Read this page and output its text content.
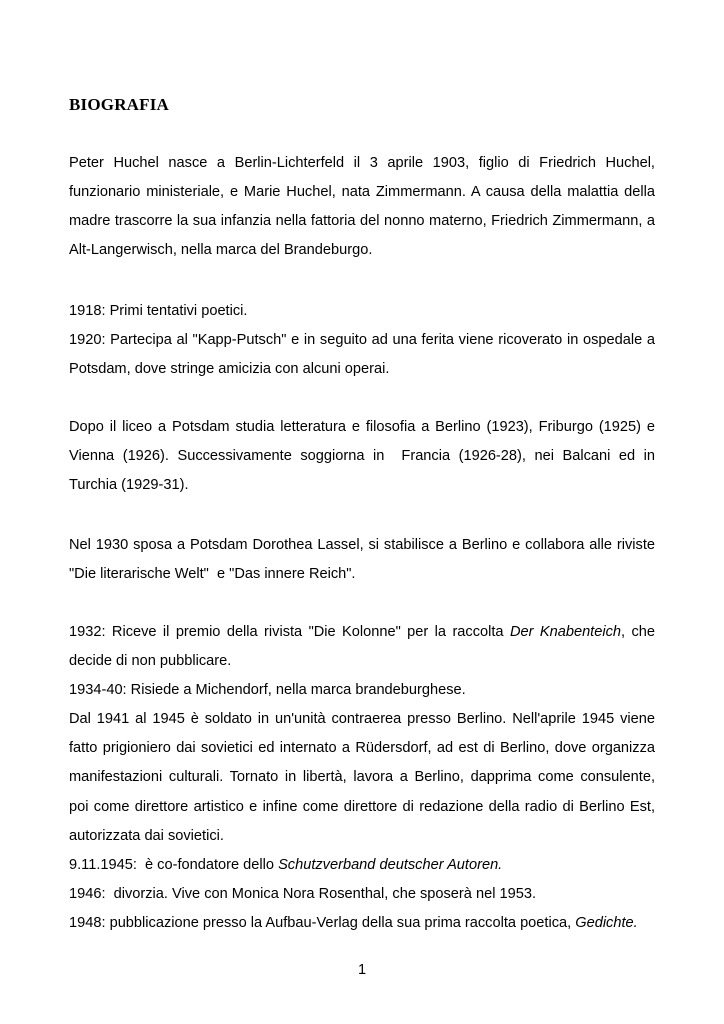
BIOGRAFIA

Peter Huchel nasce a Berlin-Lichterfeld il 3 aprile 1903, figlio di Friedrich Huchel,
funzionario ministeriale, e Marie Huchel, nata Zimmermann. A causa della malattia della
madre trascorre la sua infanzia nella fattoria del nonno materno, Friedrich Zimmermann, a
Alt-Langerwisch, nella marca del Brandeburgo.

1918: Primi tentativi poetici.
1920: Partecipa al "Kapp-Putsch" e in seguito ad una ferita viene ricoverato in ospedale a
Potsdam, dove stringe amicizia con alcuni operai.

Dopo il liceo a Potsdam studia letteratura e filosofia a Berlino (1923), Friburgo (1925) e
Vienna (1926). Successivamente soggiorna in  Francia (1926-28), nei Balcani ed in
Turchia (1929-31).

Nel 1930 sposa a Potsdam Dorothea Lassel, si stabilisce a Berlino e collabora alle riviste
"Die literarische Welt"  e "Das innere Reich".

1932: Riceve il premio della rivista "Die Kolonne" per la raccolta Der Knabenteich, che
decide di non pubblicare.
1934-40: Risiede a Michendorf, nella marca brandeburghese.
Dal 1941 al 1945 è soldato in un'unità contraerea presso Berlino. Nell'aprile 1945 viene
fatto prigioniero dai sovietici ed internato a Rüdersdorf, ad est di Berlino, dove organizza
manifestazioni culturali. Tornato in libertà, lavora a Berlino, dapprima come consulente,
poi come direttore artistico e infine come direttore di redazione della radio di Berlino Est,
autorizzata dai sovietici.
9.11.1945:  è co-fondatore dello Schutzverband deutscher Autoren.
1946:  divorzia. Vive con Monica Nora Rosenthal, che sposerà nel 1953.
1948: pubblicazione presso la Aufbau-Verlag della sua prima raccolta poetica, Gedichte.

1
